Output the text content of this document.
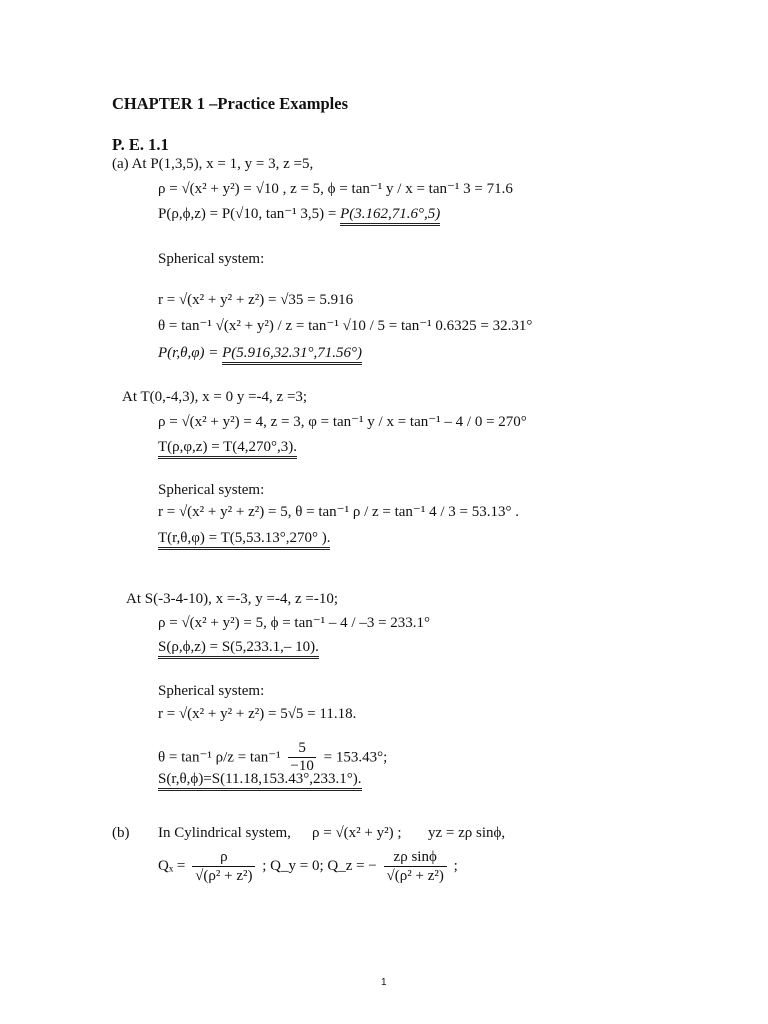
CHAPTER 1 –Practice Examples
P. E. 1.1
(a) At P(1,3,5), x = 1, y = 3, z =5,
ρ = √(x² + y²) = √10 , z = 5, ϕ = tan⁻¹ y / x = tan⁻¹ 3 = 71.6
P(ρ,ϕ,z) = P(√10, tan⁻¹ 3,5) = P(3.162,71.6°,5)
Spherical system:
r = √(x² + y² + z²) = √35 = 5.916
θ = tan⁻¹ √(x² + y²) / z = tan⁻¹ √10 / 5 = tan⁻¹ 0.6325 = 32.31°
P(r,θ,φ) = P(5.916,32.31°,71.56°)
At T(0,-4,3), x = 0 y =-4, z =3;
ρ = √(x² + y²) = 4, z = 3, φ = tan⁻¹ y / x = tan⁻¹ – 4 / 0 = 270°
T(ρ,φ,z) = T(4,270°,3).
Spherical system:
r = √(x² + y² + z²) = 5, θ = tan⁻¹ ρ / z = tan⁻¹ 4 / 3 = 53.13° .
T(r,θ,φ) = T(5,53.13°,270° ).
At S(-3-4-10), x =-3, y =-4, z =-10;
ρ = √(x² + y²) = 5, ϕ = tan⁻¹ – 4 / –3 = 233.1°
S(ρ,ϕ,z) = S(5,233.1,– 10).
Spherical system:
r = √(x² + y² + z²) = 5√5 = 11.18.
θ = tan⁻¹ $\rho/z = \tan^{-1} \frac{5}{-10} = 153.43^\circ$;
S(r,θ,ϕ)=S(11.18,153.43°,233.1°).
(b) In Cylindrical system, ρ = √(x² + y²) ; yz = zρ sinϕ,
$Q_x = \frac{\rho}{\text{√(ρ² + z²)}}$ ; Q_y = 0; Q_z = − $\frac{\text{zρ sinϕ}}{\text{√(ρ² + z²)}}$ ;
1
